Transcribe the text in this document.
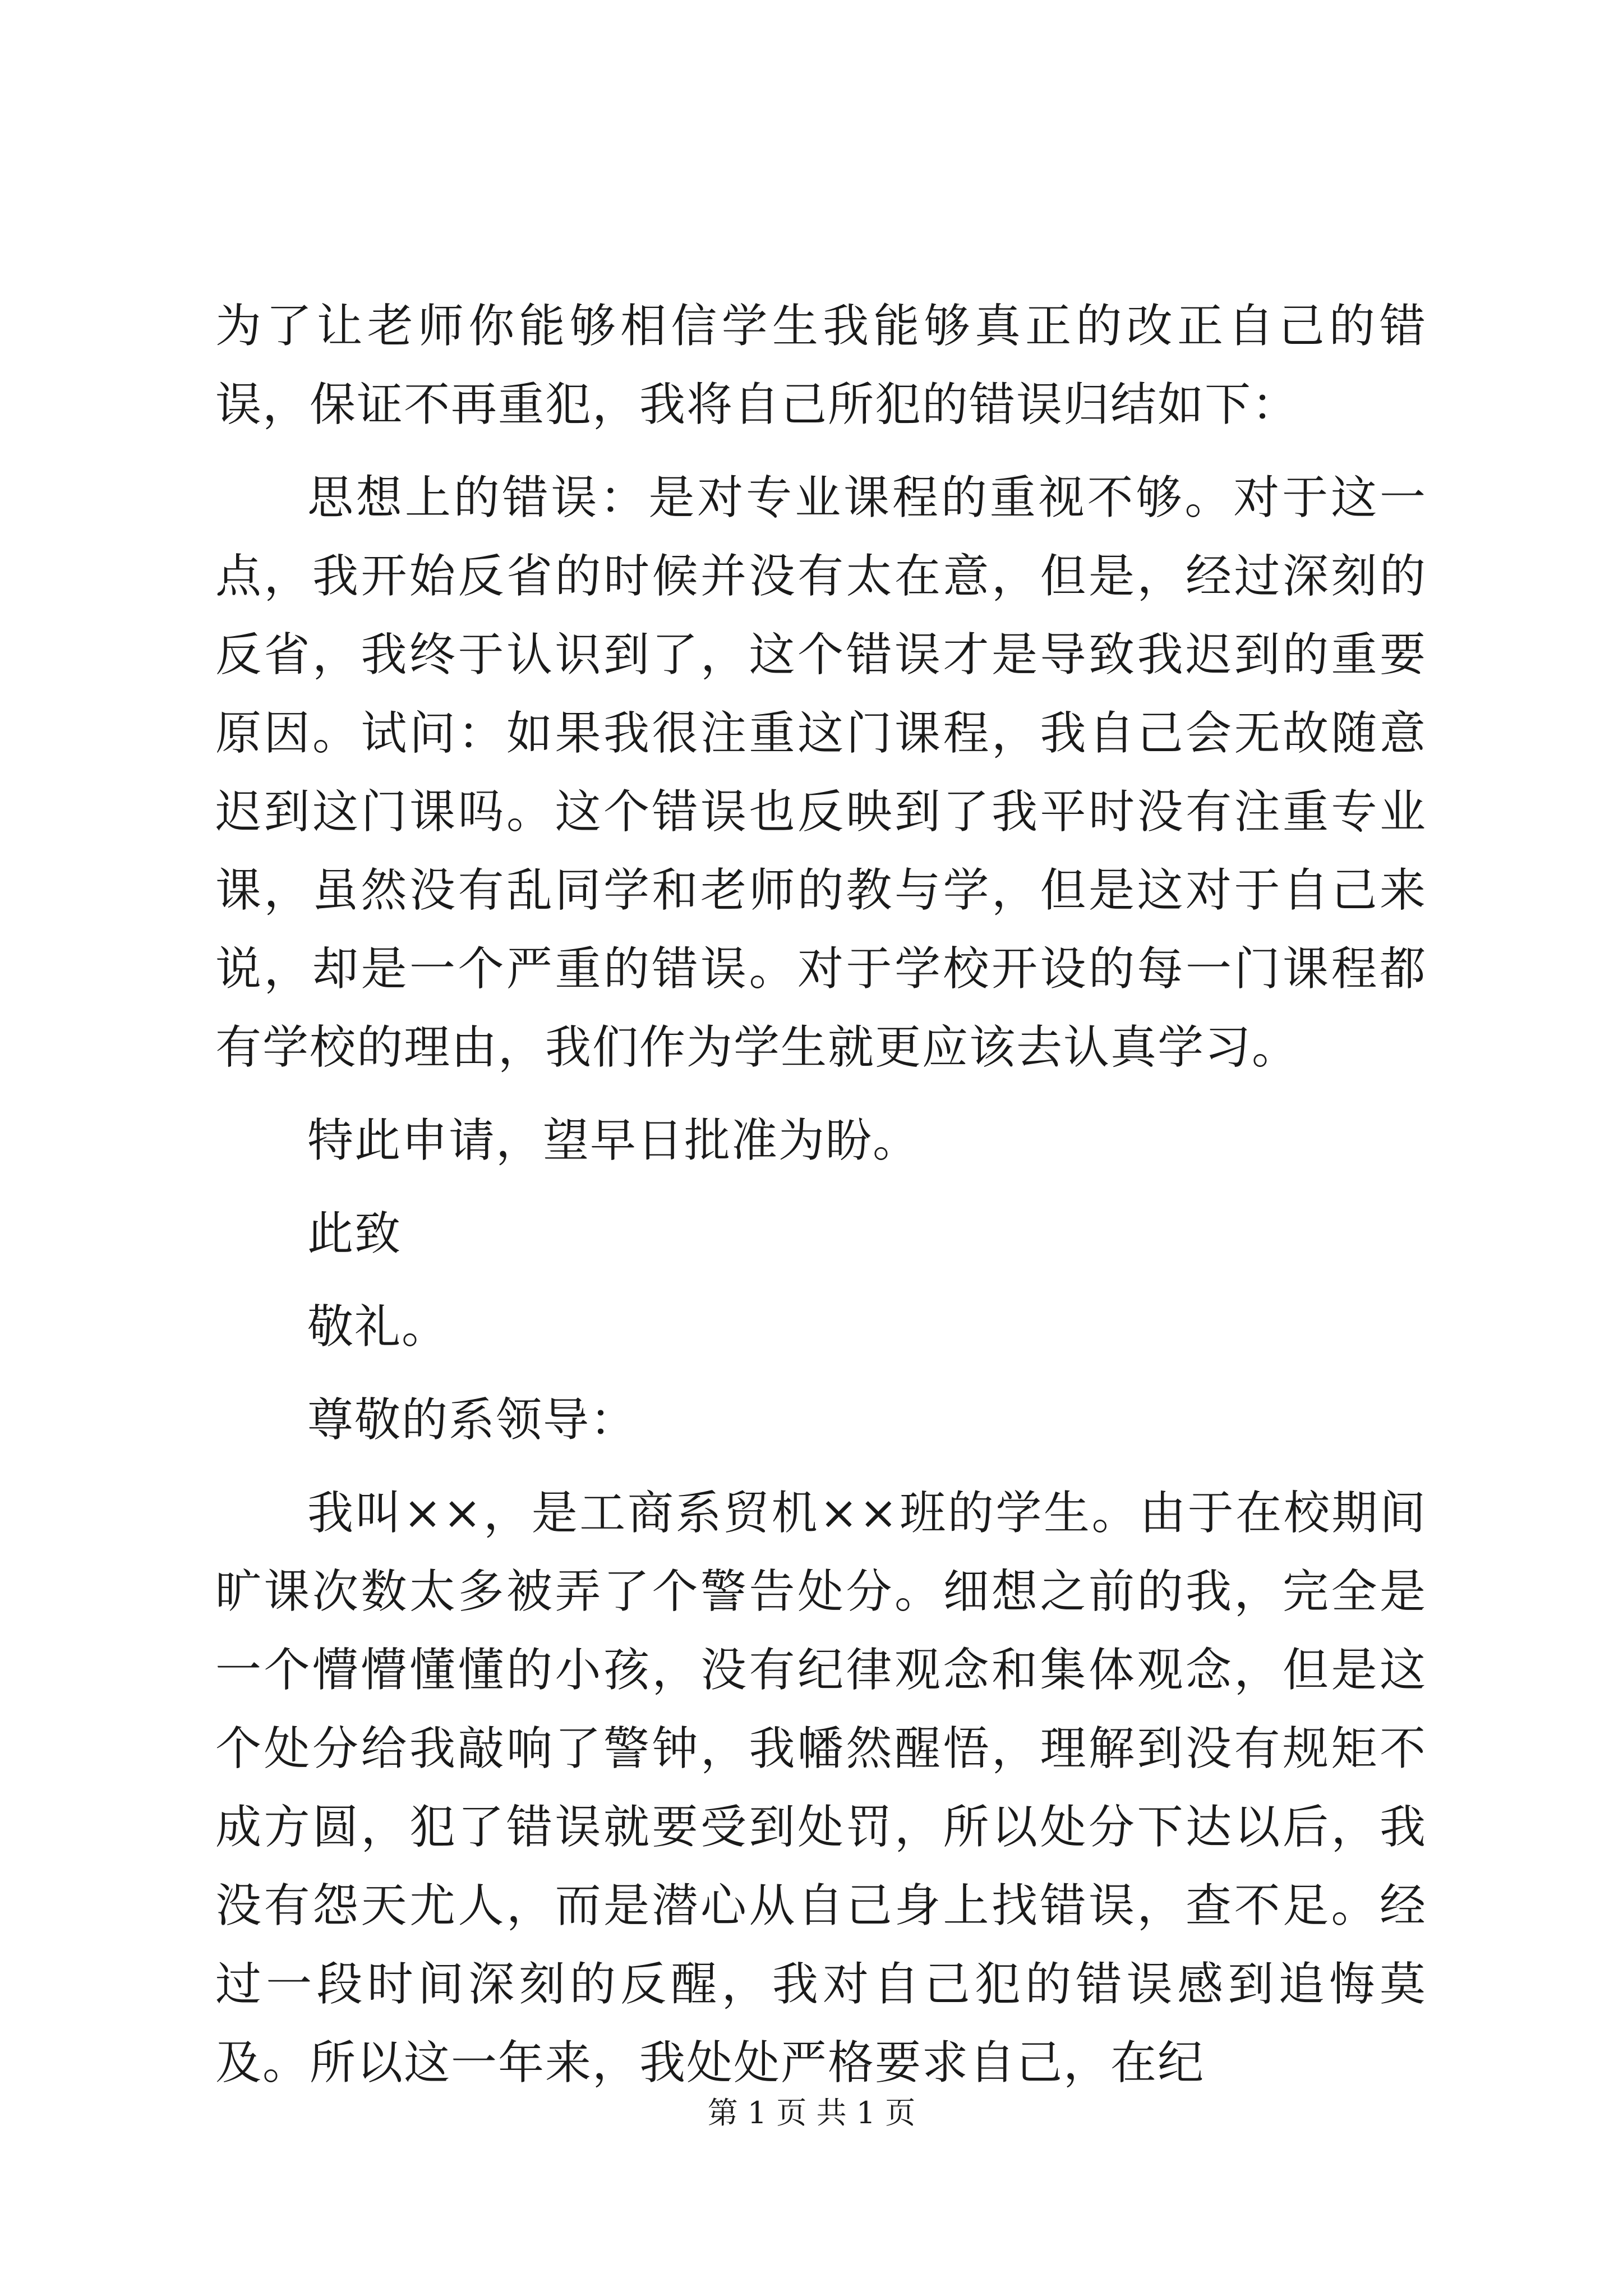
为了让老师你能够相信学生我能够真正的改正自己的错误，保证不再重犯，我将自己所犯的错误归结如下：

思想上的错误：是对专业课程的重视不够。对于这一点，我开始反省的时候并没有太在意，但是，经过深刻的反省，我终于认识到了，这个错误才是导致我迟到的重要原因。试问：如果我很注重这门课程，我自己会无故随意迟到这门课吗。这个错误也反映到了我平时没有注重专业课，虽然没有乱同学和老师的教与学，但是这对于自己来说，却是一个严重的错误。对于学校开设的每一门课程都有学校的理由，我们作为学生就更应该去认真学习。

特此申请，望早日批准为盼。

此致

敬礼。

尊敬的系领导：

我叫××，是工商系贸机××班的学生。由于在校期间旷课次数太多被弄了个警告处分。细想之前的我，完全是一个懵懵懂懂的小孩，没有纪律观念和集体观念，但是这个处分给我敲响了警钟，我幡然醒悟，理解到没有规矩不成方圆，犯了错误就要受到处罚，所以处分下达以后，我没有怨天尤人，而是潜心从自己身上找错误，查不足。经过一段时间深刻的反醒，我对自己犯的错误感到追悔莫及。所以这一年来，我处处严格要求自己，在纪

第 1 页 共 1 页
